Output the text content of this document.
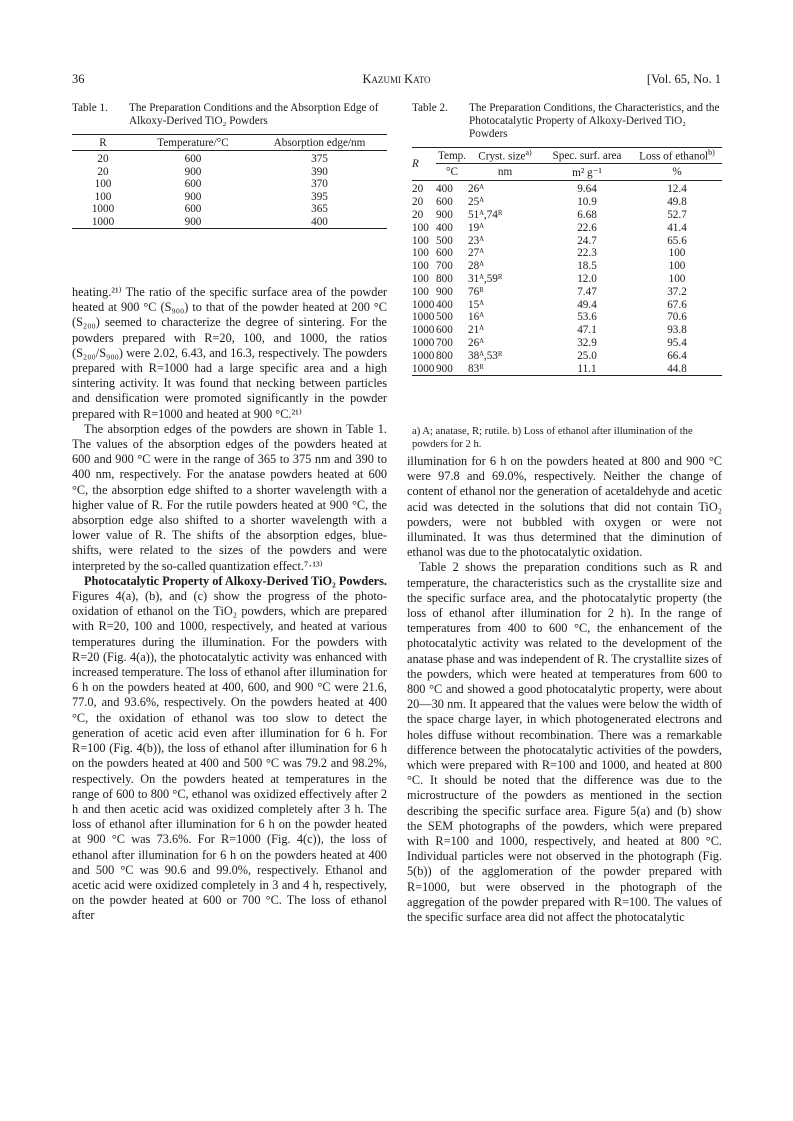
36	Kazumi Kato	[Vol. 65, No. 1
Table 1. The Preparation Conditions and the Absorption Edge of Alkoxy-Derived TiO₂ Powders
R	Temperature/°C	Absorption edge/nm
20	600	375
20	900	390
100	600	370
100	900	395
1000	600	365
1000	900	400
Table 2. The Preparation Conditions, the Characteristics, and the Photocatalytic Property of Alkoxy-Derived TiO₂ Powders
R	Temp.	Cryst. size$^{a)}$	Spec. surf. area	Loss of ethanol$^{b)}$
	°C	nm	m² g⁻¹	%
20	400	26ᴬ	9.64	12.4
20	600	25ᴬ	10.9	49.8
20	900	51ᴬ,74ᴿ	6.68	52.7
100	400	19ᴬ	22.6	41.4
100	500	23ᴬ	24.7	65.6
100	600	27ᴬ	22.3	100
100	700	28ᴬ	18.5	100
100	800	31ᴬ,59ᴿ	12.0	100
100	900	76ᴿ	7.47	37.2
1000	400	15ᴬ	49.4	67.6
1000	500	16ᴬ	53.6	70.6
1000	600	21ᴬ	47.1	93.8
1000	700	26ᴬ	32.9	95.4
1000	800	38ᴬ,53ᴿ	25.0	66.4
1000	900	83ᴿ	11.1	44.8
a) A; anatase, R; rutile. b) Loss of ethanol after illumination of the powders for 2 h.

heating.²¹⁾ The ratio of the specific surface area of the powder heated at 900 °C (S₉₀₀) to that of the powder heated at 200 °C (S₂₀₀) seemed to characterize the degree of sintering. For the powders prepared with R=20, 100, and 1000, the ratios (S₂₀₀/S₉₀₀) were 2.02, 6.43, and 16.3, respectively. The powders prepared with R=1000 had a large specific area and a high sintering activity. It was found that necking between particles and densification were promoted significantly in the powder prepared with R=1000 and heated at 900 °C.²¹⁾

The absorption edges of the powders are shown in Table 1. The values of the absorption edges of the powders heated at 600 and 900 °C were in the range of 365 to 375 nm and 390 to 400 nm, respectively. For the anatase powders heated at 600 °C, the absorption edge shifted to a shorter wavelength with a higher value of R. For the rutile powders heated at 900 °C, the absorption edge also shifted to a shorter wavelength with a lower value of R. The shifts of the absorption edges, blue-shifts, were related to the sizes of the powders and were interpreted by the so-called quantization effect.⁷·¹³⁾

Photocatalytic Property of Alkoxy-Derived TiO₂ Powders. Figures 4(a), (b), and (c) show the progress of the photo-oxidation of ethanol on the TiO₂ powders, which are prepared with R=20, 100 and 1000, respectively, and heated at various temperatures during the illumination. For the powders with R=20 (Fig. 4(a)), the photocatalytic activity was enhanced with increased temperature. The loss of ethanol after illumination for 6 h on the powders heated at 400, 600, and 900 °C were 21.6, 77.0, and 93.6%, respectively. On the powders heated at 400 °C, the oxidation of ethanol was too slow to detect the generation of acetic acid even after illumination for 6 h. For R=100 (Fig. 4(b)), the loss of ethanol after illumination for 6 h on the powders heated at 400 and 500 °C was 79.2 and 98.2%, respectively. On the powders heated at temperatures in the range of 600 to 800 °C, ethanol was oxidized effectively after 2 h and then acetic acid was oxidized completely after 3 h. The loss of ethanol after illumination for 6 h on the powder heated at 900 °C was 73.6%. For R=1000 (Fig. 4(c)), the loss of ethanol after illumination for 6 h on the powders heated at 400 and 500 °C was 90.6 and 99.0%, respectively. Ethanol and acetic acid were oxidized completely in 3 and 4 h, respectively, on the powder heated at 600 or 700 °C. The loss of ethanol after

illumination for 6 h on the powders heated at 800 and 900 °C were 97.8 and 69.0%, respectively. Neither the change of content of ethanol nor the generation of acetaldehyde and acetic acid was detected in the solutions that did not contain TiO₂ powders, were not bubbled with oxygen or were not illuminated. It was thus determined that the diminution of ethanol was due to the photocatalytic oxidation.

Table 2 shows the preparation conditions such as R and temperature, the characteristics such as the crystallite size and the specific surface area, and the photocatalytic property (the loss of ethanol after illumination for 2 h). In the range of temperatures from 400 to 600 °C, the enhancement of the photocatalytic activity was related to the development of the anatase phase and was independent of R. The crystallite sizes of the powders, which were heated at temperatures from 600 to 800 °C and showed a good photocatalytic property, were about 20—30 nm. It appeared that the values were below the width of the space charge layer, in which photogenerated electrons and holes diffuse without recombination. There was a remarkable difference between the photocatalytic activities of the powders, which were prepared with R=100 and 1000, and heated at 800 °C. It should be noted that the difference was due to the microstructure of the powders as mentioned in the section describing the specific surface area. Figure 5(a) and (b) show the SEM photographs of the powders, which were prepared with R=100 and 1000, respectively, and heated at 800 °C. Individual particles were not observed in the photograph (Fig. 5(b)) of the agglomeration of the powder prepared with R=1000, but were observed in the photograph of the aggregation of the powder prepared with R=100. The values of the specific surface area did not affect the photocatalytic
